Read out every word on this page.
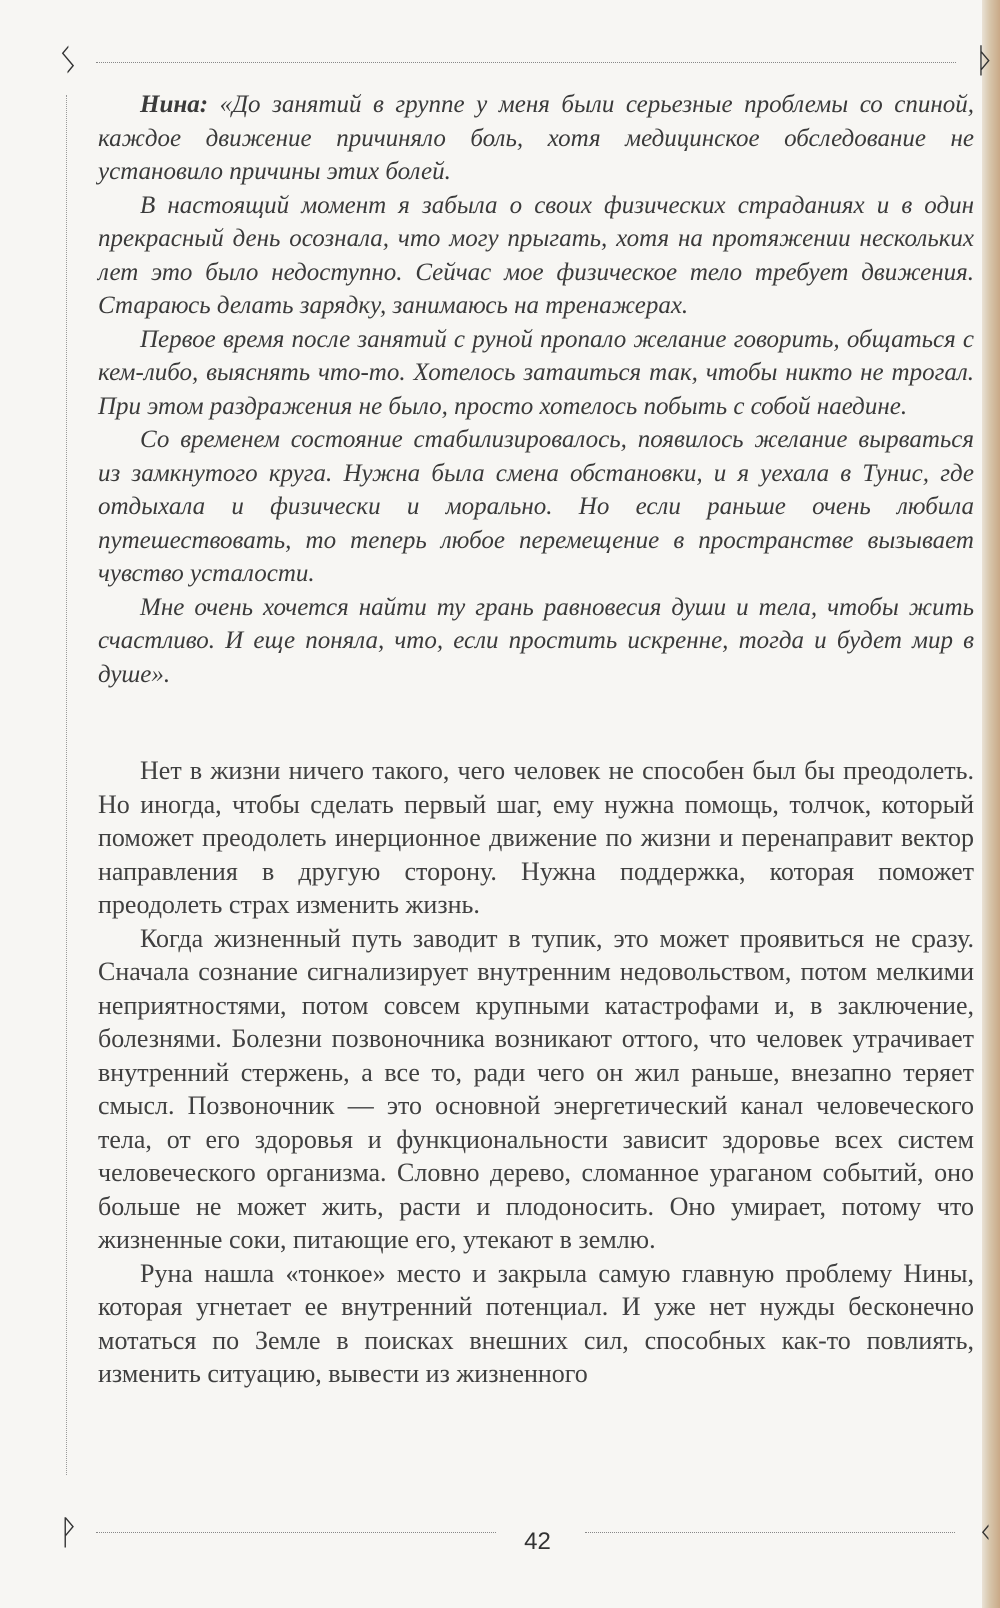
ᛊ	ᚦ
ᚹ	ᚲ

Нина: «До занятий в группе у меня были серьезные проблемы со спиной, каждое движение причиняло боль, хотя медицинское обследование не установило причины этих болей.

В настоящий момент я забыла о своих физических страданиях и в один прекрасный день осознала, что могу прыгать, хотя на протяжении нескольких лет это было недоступно. Сейчас мое физическое тело требует движения. Стараюсь делать зарядку, занимаюсь на тренажерах.

Первое время после занятий с руной пропало желание говорить, общаться с кем-либо, выяснять что-то. Хотелось затаиться так, чтобы никто не трогал. При этом раздражения не было, просто хотелось побыть с собой наедине.

Со временем состояние стабилизировалось, появилось желание вырваться из замкнутого круга. Нужна была смена обстановки, и я уехала в Тунис, где отдыхала и физически и морально. Но если раньше очень любила путешествовать, то теперь любое перемещение в пространстве вызывает чувство усталости.

Мне очень хочется найти ту грань равновесия души и тела, чтобы жить счастливо. И еще поняла, что, если простить искренне, тогда и будет мир в душе».

Нет в жизни ничего такого, чего человек не способен был бы преодолеть. Но иногда, чтобы сделать первый шаг, ему нужна помощь, толчок, который поможет преодолеть инерционное движение по жизни и перенаправит вектор направления в другую сторону. Нужна поддержка, которая поможет преодолеть страх изменить жизнь.

Когда жизненный путь заводит в тупик, это может проявиться не сразу. Сначала сознание сигнализирует внутренним недовольством, потом мелкими неприятностями, потом совсем крупными катастрофами и, в заключение, болезнями. Болезни позвоночника возникают оттого, что человек утрачивает внутренний стержень, а все то, ради чего он жил раньше, внезапно теряет смысл. Позвоночник — это основной энергетический канал человеческого тела, от его здоровья и функциональности зависит здоровье всех систем человеческого организма. Словно дерево, сломанное ураганом событий, оно больше не может жить, расти и плодоносить. Оно умирает, потому что жизненные соки, питающие его, утекают в землю.

Руна нашла «тонкое» место и закрыла самую главную проблему Нины, которая угнетает ее внутренний потенциал. И уже нет нужды бесконечно мотаться по Земле в поисках внешних сил, способных как-то повлиять, изменить ситуацию, вывести из жизненного

42
